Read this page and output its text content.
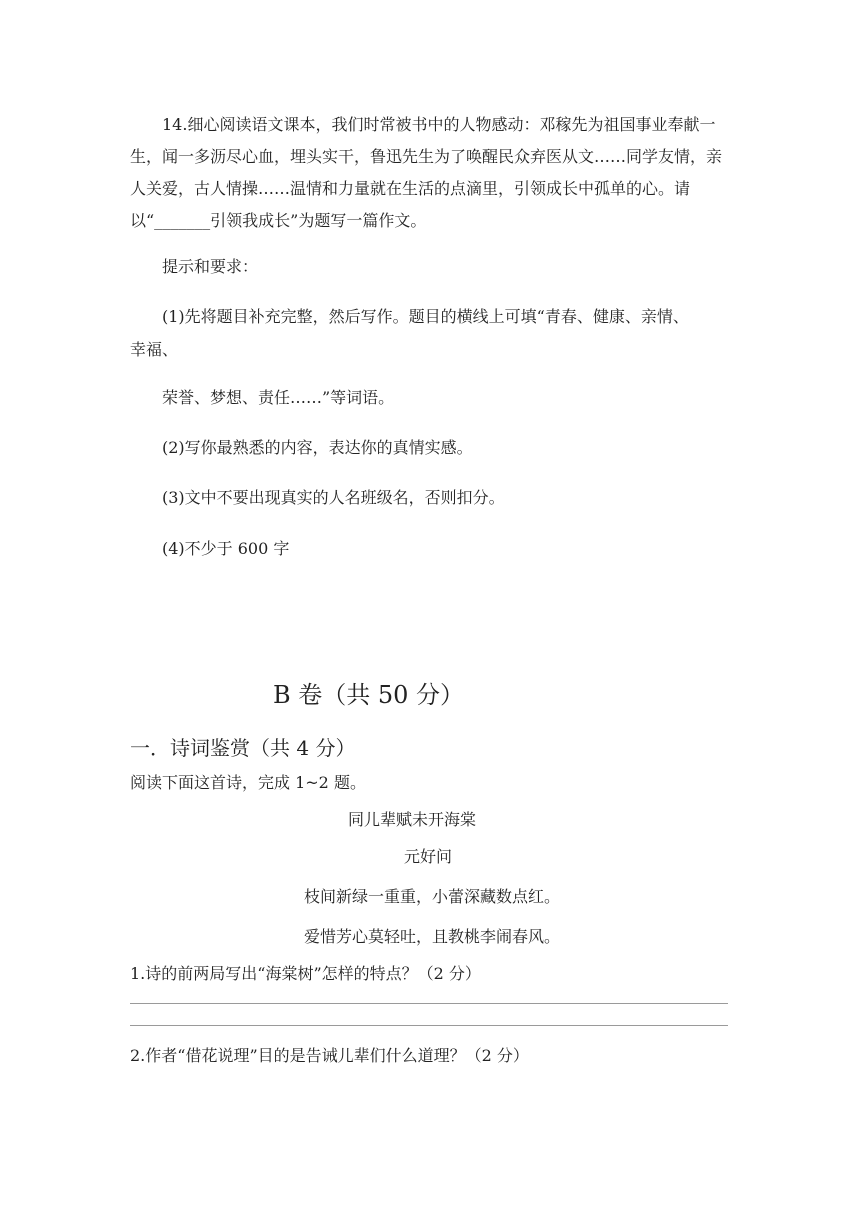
14.细心阅读语文课本，我们时常被书中的人物感动：邓稼先为祖国事业奉献一生，闻一多沥尽心血，埋头实干，鲁迅先生为了唤醒民众弃医从文……同学友情，亲人关爱，古人情操……温情和力量就在生活的点滴里，引领成长中孤单的心。请以“_______引领我成长”为题写一篇作文。
提示和要求：
(1)先将题目补充完整，然后写作。题目的横线上可填“青春、健康、亲情、
幸福、
荣誉、梦想、责任……”等词语。
(2)写你最熟悉的内容，表达你的真情实感。
(3)文中不要出现真实的人名班级名，否则扣分。
(4)不少于 600 字
B 卷（共 50 分）
一．诗词鉴赏（共 4 分）
阅读下面这首诗，完成 1~2 题。
同儿辈赋未开海棠
元好问
枝间新绿一重重，小蕾深藏数点红。
爱惜芳心莫轻吐，且教桃李闹春风。
1.诗的前两局写出“海棠树”怎样的特点？（2 分）
2.作者“借花说理”目的是告诫儿辈们什么道理？（2 分）
